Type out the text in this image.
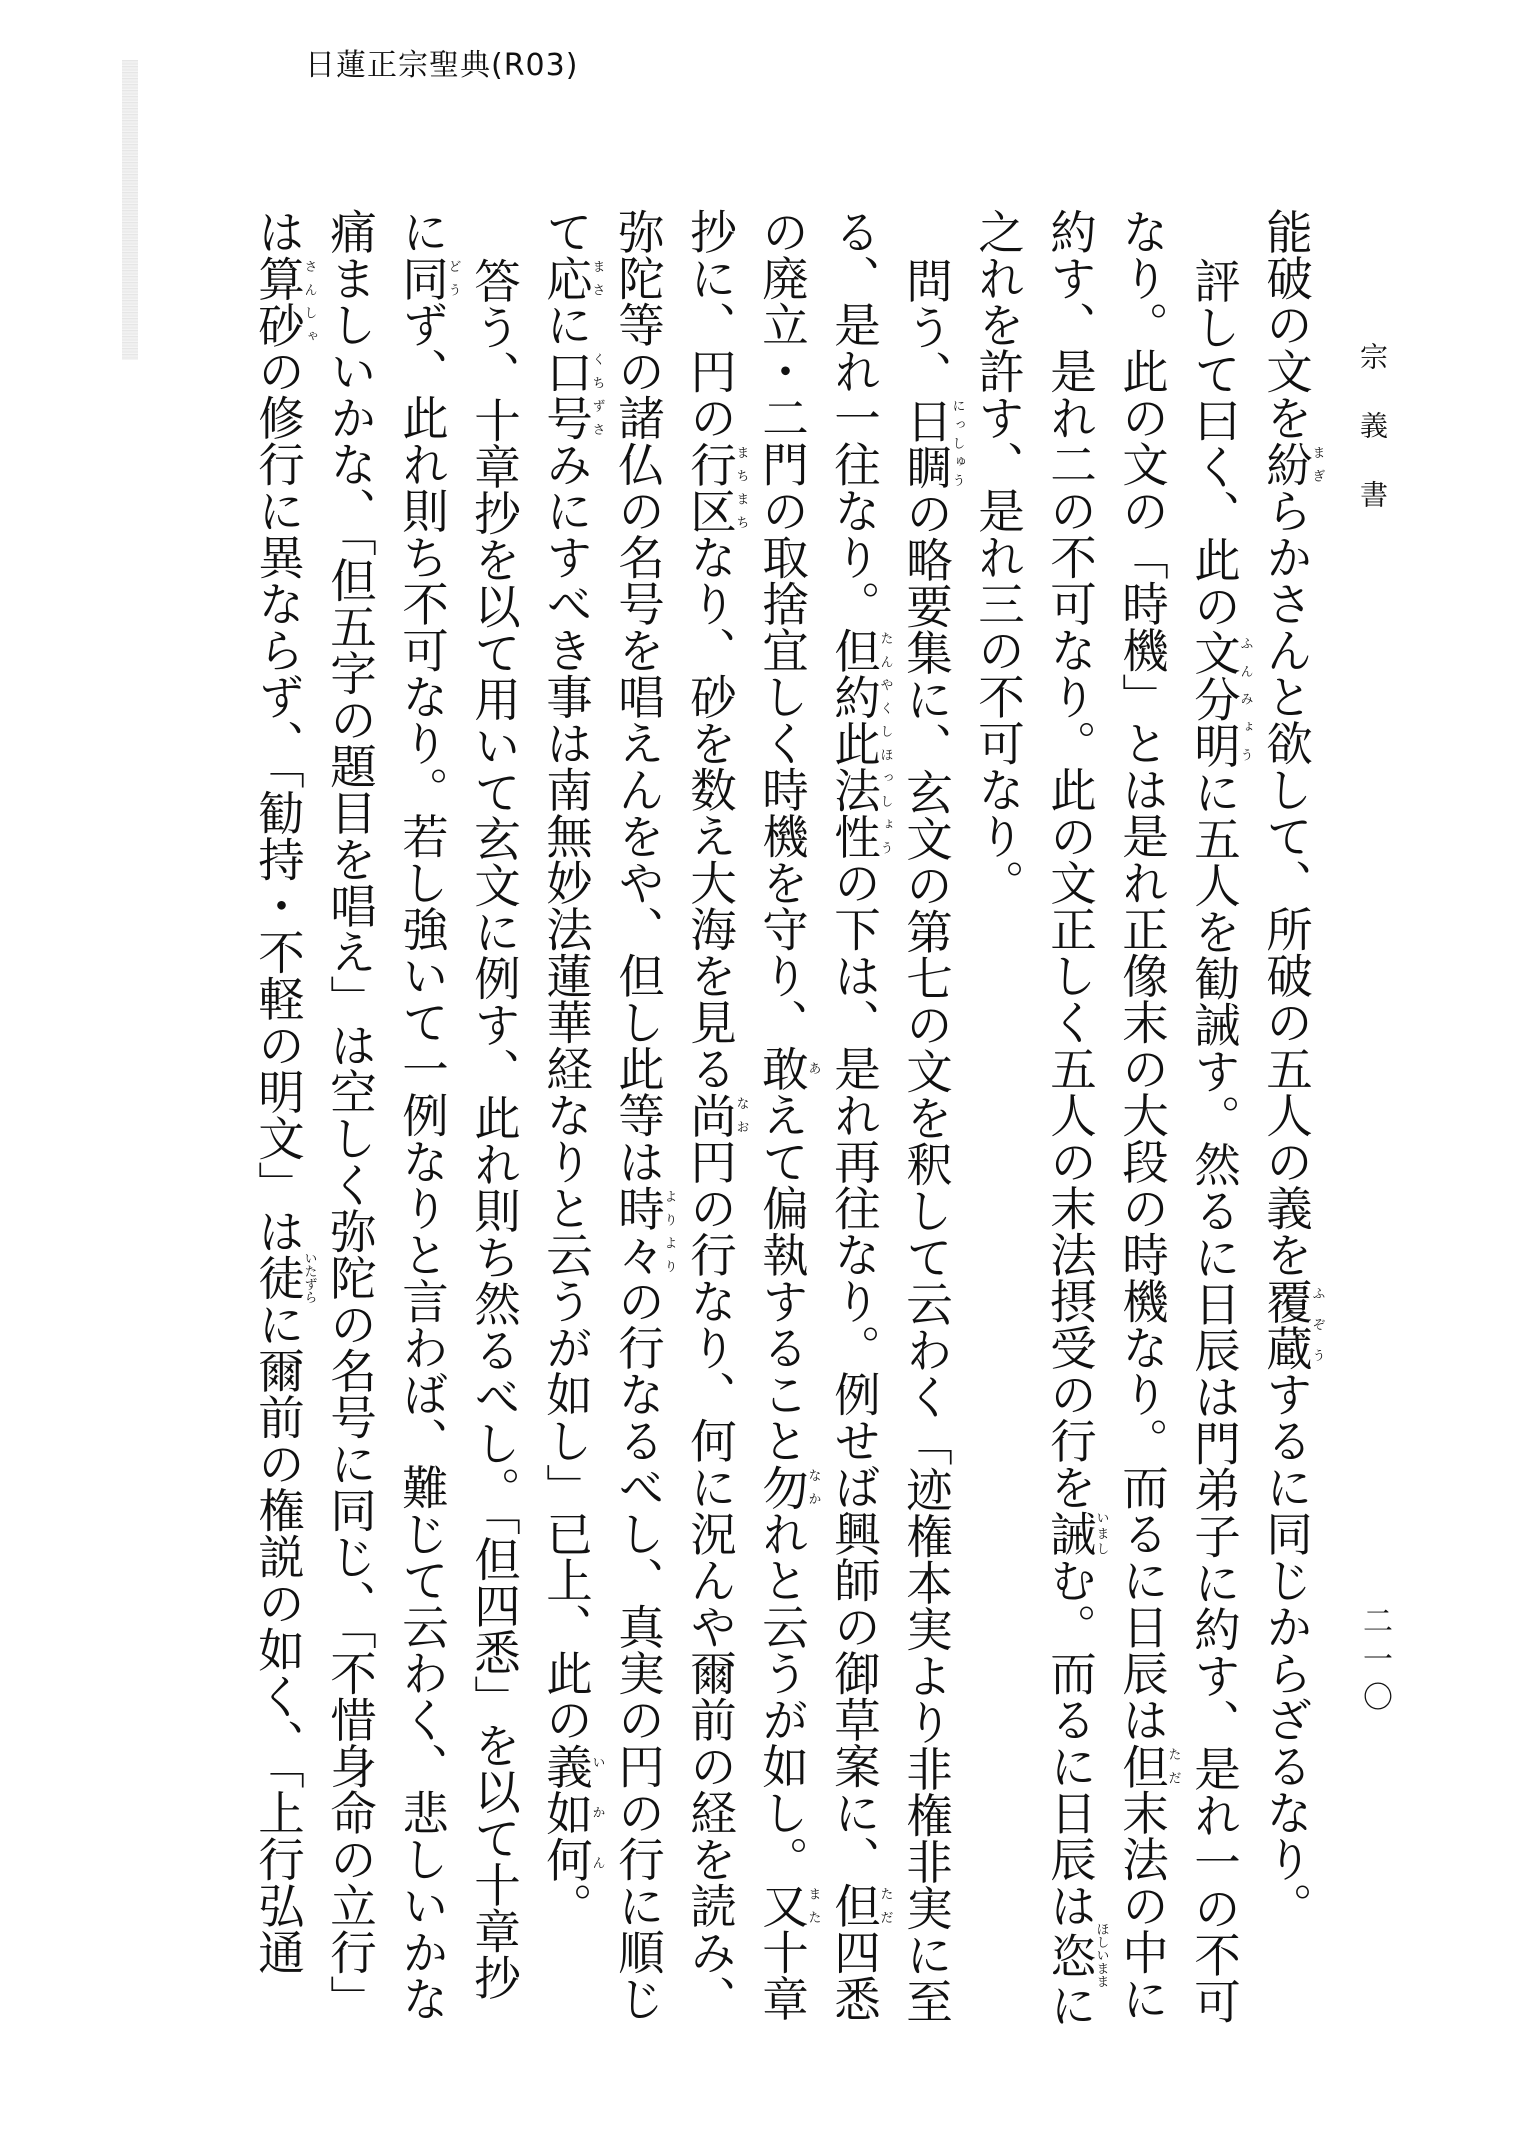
日蓮正宗聖典(R03)
宗 義 書
二一〇
能破の文を紛まぎらかさんと欲して、所破の五人の義を覆蔵ふぞうするに同じからざるなり。
評して曰く、此の文分明ふんみょうに五人を勧誡す。然るに日辰は門弟子に約す、是れ一の不可
なり。此の文の「時機」とは是れ正像末の大段の時機なり。而るに日辰は但ただ末法の中に
約す、是れ二の不可なり。此の文正しく五人の末法摂受の行を誡いましむ。而るに日辰は恣ほしいままに
之れを許す、是れ三の不可なり。
問う、日睭にっしゅうの略要集に、玄文の第七の文を釈して云わく「迹権本実より非権非実に至
る、是れ一往なり。但約此法性たんやくしほっしょうの下は、是れ再往なり。例せば興師の御草案に、但ただ四悉
の廃立・二門の取捨宜しく時機を守り、敢あえて偏執すること勿なかれと云うが如し。又また十章
抄に、円の行区まちまちなり、砂を数え大海を見る尚なお円の行なり、何に況んや爾前の経を読み、
弥陀等の諸仏の名号を唱えんをや、但し此等は時々よりよりの行なるべし、真実の円の行に順じ
て応まさに口号くちずさみにすべき事は南無妙法蓮華経なりと云うが如し」已上、此の義如何いかん。
答う、十章抄を以て用いて玄文に例す、此れ則ち然るべし。「但四悉」を以て十章抄
に同どうず、此れ則ち不可なり。若し強いて一例なりと言わば、難じて云わく、悲しいかな
痛ましいかな、「但五字の題目を唱え」は空しく弥陀の名号に同じ、「不惜身命の立行」
は算砂さんしゃの修行に異ならず、「勧持・不軽の明文」は徒いたずらに爾前の権説の如く、「上行弘通
